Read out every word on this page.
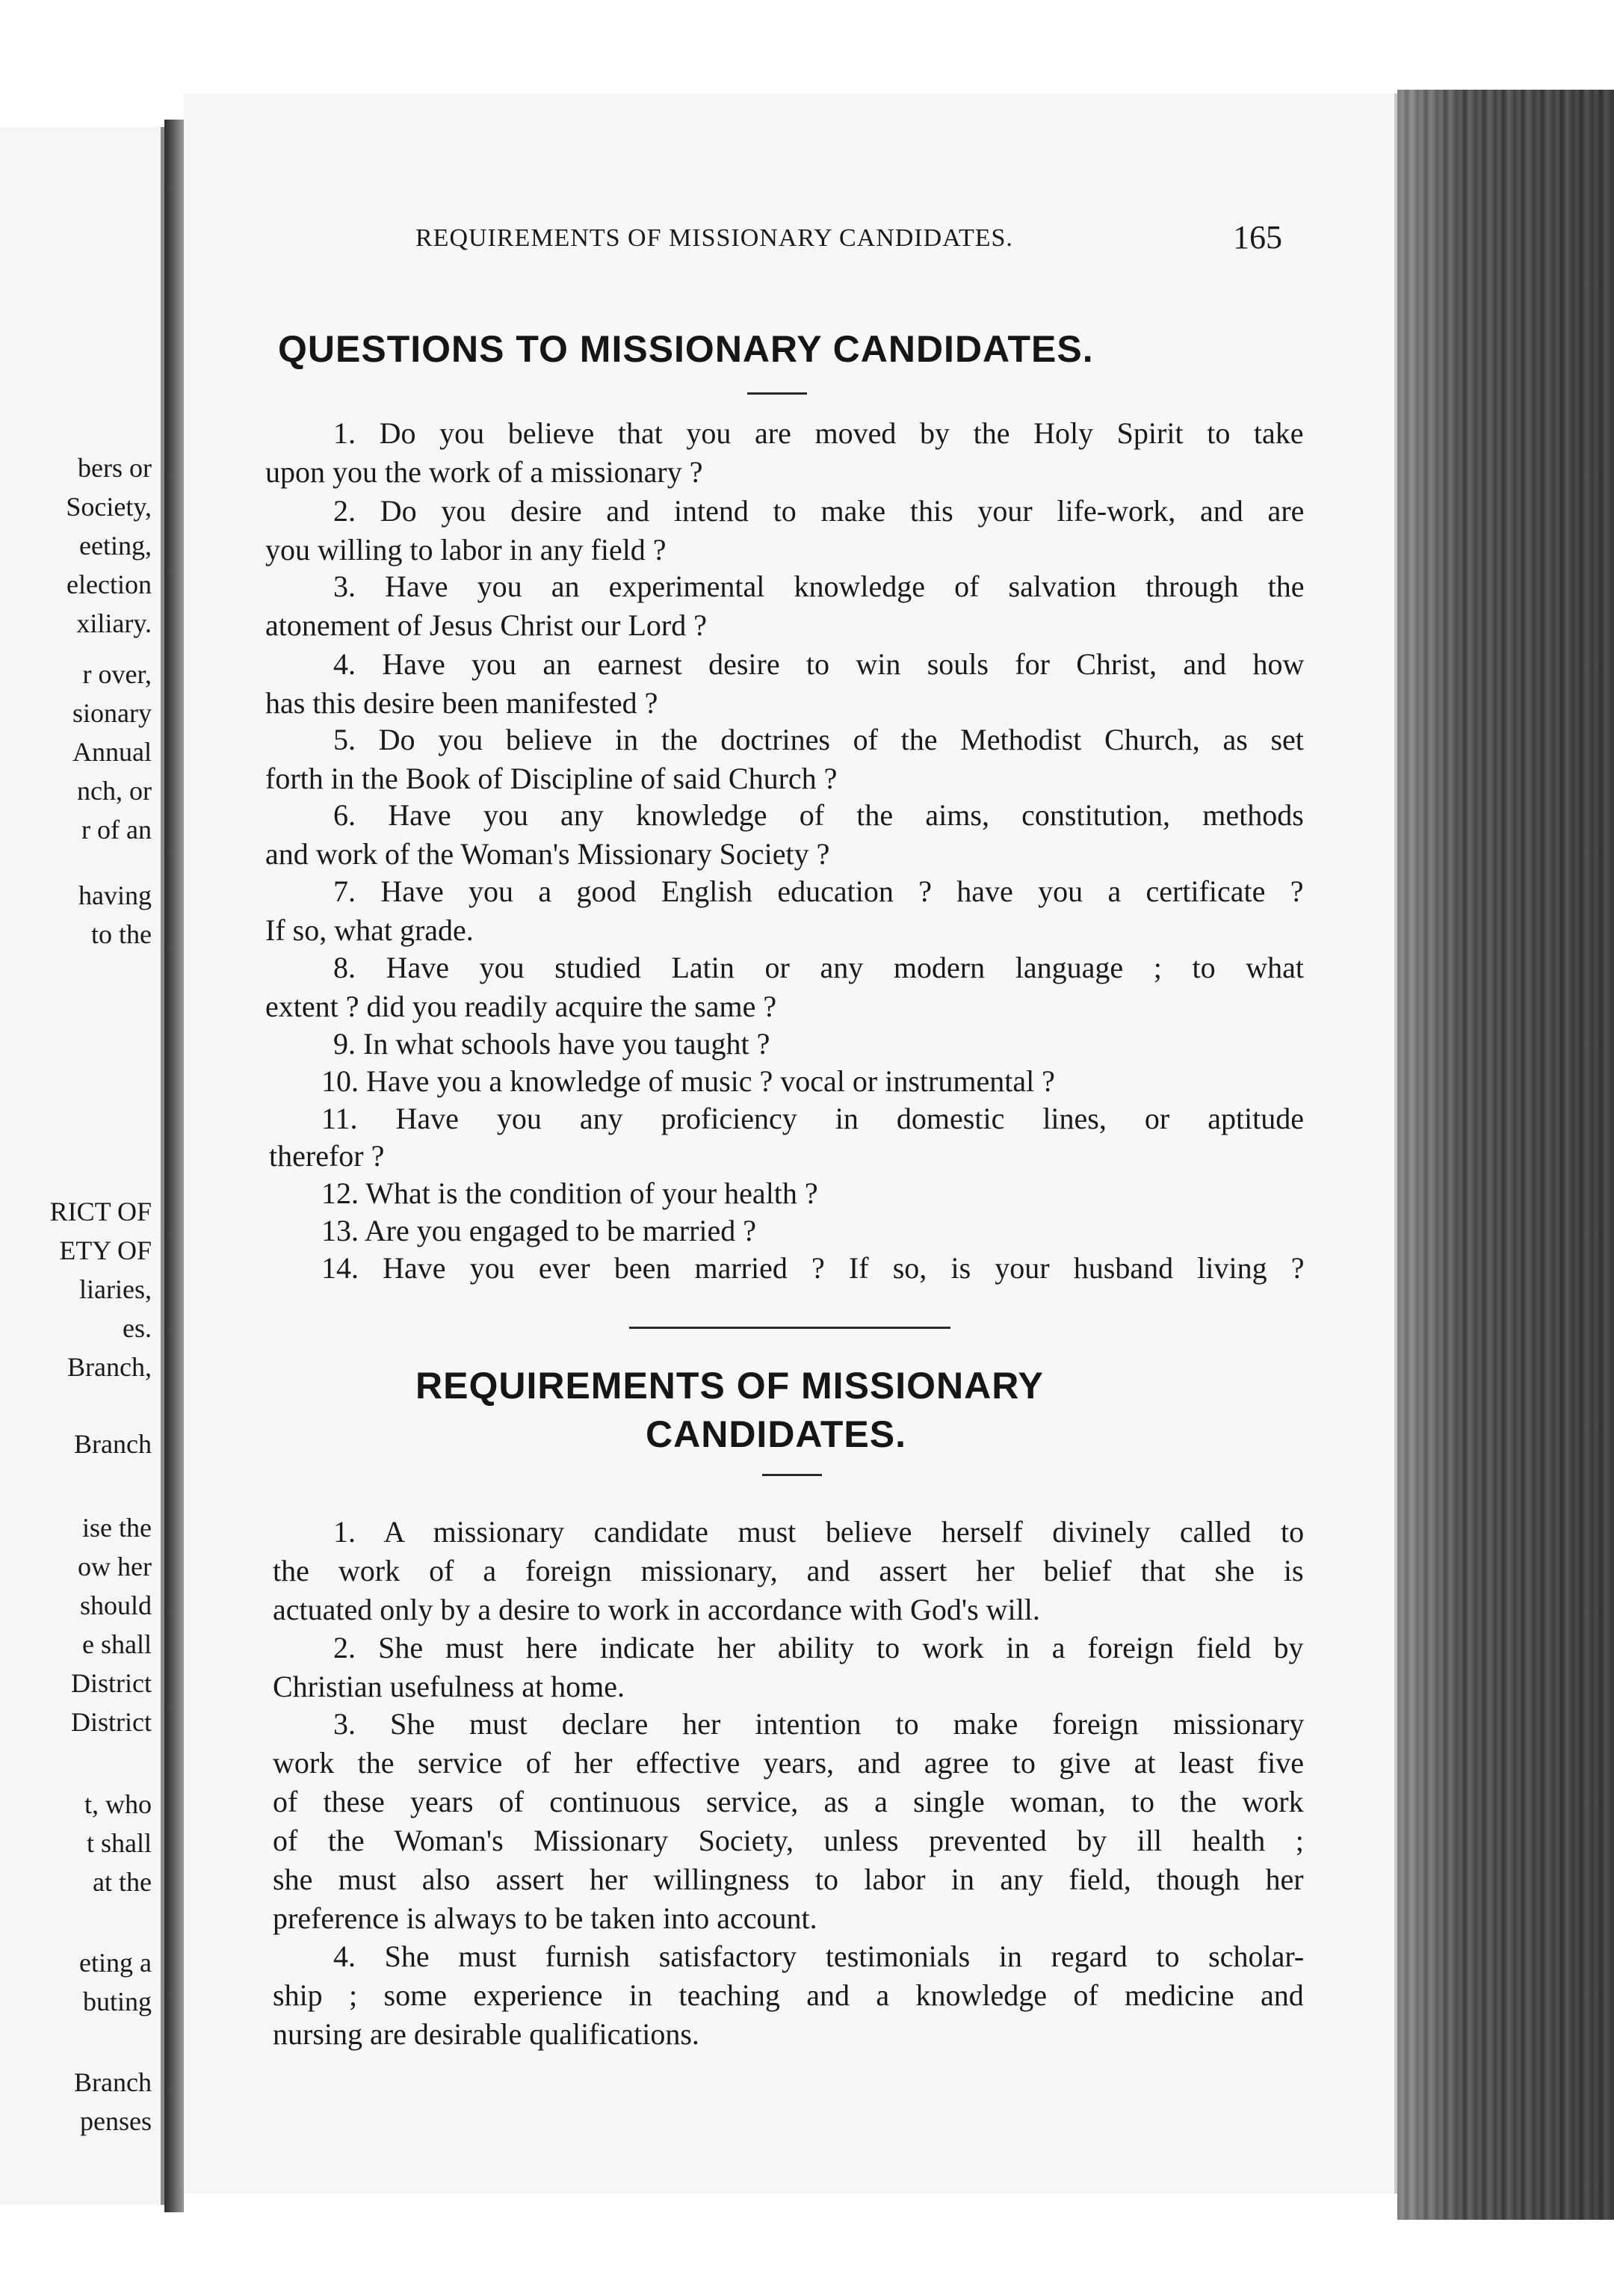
bers or
Society,
eeting,
election
xiliary.
r over,
sionary
Annual
nch, or
r of an
having
to the
RICT OF
ETY OF
liaries,
es.
Branch,
Branch
ise the
ow her
should
e shall
District
District
t, who
t shall
at the
eting a
buting
Branch
penses
REQUIREMENTS OF MISSIONARY CANDIDATES.	165
QUESTIONS TO MISSIONARY CANDIDATES.
1. Do you believe that you are moved by the Holy Spirit to take
upon you the work of a missionary ?
2. Do you desire and intend to make this your life-work, and are
you willing to labor in any field ?
3. Have you an experimental knowledge of salvation through the
atonement of Jesus Christ our Lord ?
4. Have you an earnest desire to win souls for Christ, and how
has this desire been manifested ?
5. Do you believe in the doctrines of the Methodist Church, as set
forth in the Book of Discipline of said Church ?
6. Have you any knowledge of the aims, constitution, methods
and work of the Woman's Missionary Society ?
7. Have you a good English education ? have you a certificate ?
If so, what grade.
8. Have you studied Latin or any modern language ; to what
extent ? did you readily acquire the same ?
9. In what schools have you taught ?
10. Have you a knowledge of music ? vocal or instrumental ?
11. Have you any proficiency in domestic lines, or aptitude
therefor ?
12. What is the condition of your health ?
13. Are you engaged to be married ?
14. Have you ever been married ? If so, is your husband living ?
REQUIREMENTS OF MISSIONARY
CANDIDATES.
1. A missionary candidate must believe herself divinely called to
the work of a foreign missionary, and assert her belief that she is
actuated only by a desire to work in accordance with God's will.
2. She must here indicate her ability to work in a foreign field by
Christian usefulness at home.
3. She must declare her intention to make foreign missionary
work the service of her effective years, and agree to give at least five
of these years of continuous service, as a single woman, to the work
of the Woman's Missionary Society, unless prevented by ill health ;
she must also assert her willingness to labor in any field, though her
preference is always to be taken into account.
4. She must furnish satisfactory testimonials in regard to scholar-
ship ; some experience in teaching and a knowledge of medicine and
nursing are desirable qualifications.
